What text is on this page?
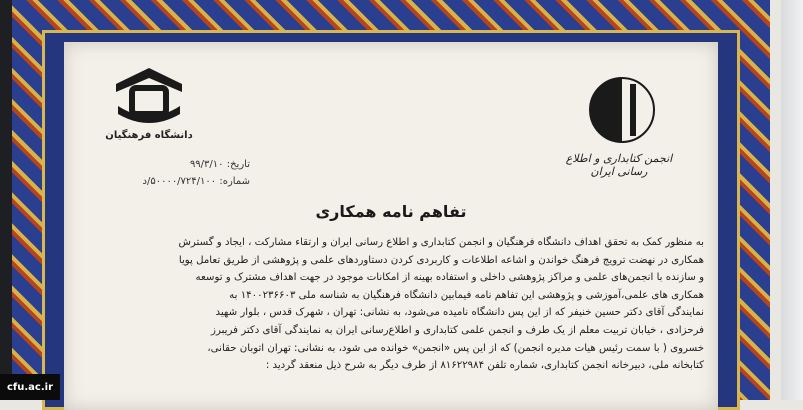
انجمن کتابداری و اطلاع رسانی ایران
دانشگاه فرهنگیان
تاریخ: ۹۹/۳/۱۰
شماره: ۵۰۰۰۰/۷۲۴/۱۰۰/د
تفاهم نامه همکاری

به منظور کمک به تحقق اهداف دانشگاه فرهنگیان و انجمن کتابداری و اطلاع رسانی ایران و ارتقاء مشارکت ، ایجاد و گسترش

همکاری در نهضت ترویج فرهنگ خواندن و اشاعه اطلاعات و کاربردی کردن دستاوردهای علمی و پژوهشی از طریق تعامل پویا

و سازنده با انجمن‌های علمی و مراکز پژوهشی داخلی و استفاده بهینه از امکانات موجود در جهت اهداف مشترک و توسعه

همکاری های علمی،آموزشی و پژوهشی این تفاهم نامه فیمابین دانشگاه فرهنگیان به شناسه ملی ۱۴۰۰۲۳۶۶۰۳ به

نمایندگی آقای دکتر حسین خنیفر که از این پس دانشگاه نامیده می‌شود، به نشانی: تهران ، شهرک قدس ، بلوار شهید

فرحزادی ، خیابان تربیت معلم از یک طرف و انجمن علمی کتابداری و اطلاع‌رسانی ایران به نمایندگی آقای دکتر فریبرز

خسروی ( با سمت رئیس هیات مدیره انجمن) که از این پس «انجمن» خوانده می شود، به نشانی: تهران اتوبان حقانی،

کتابخانه ملی، دبیرخانه انجمن کتابداری، شماره تلفن ۸۱۶۲۲۹۸۴ از طرف دیگر به شرح ذیل منعقد گردید :

cfu.ac.ir
